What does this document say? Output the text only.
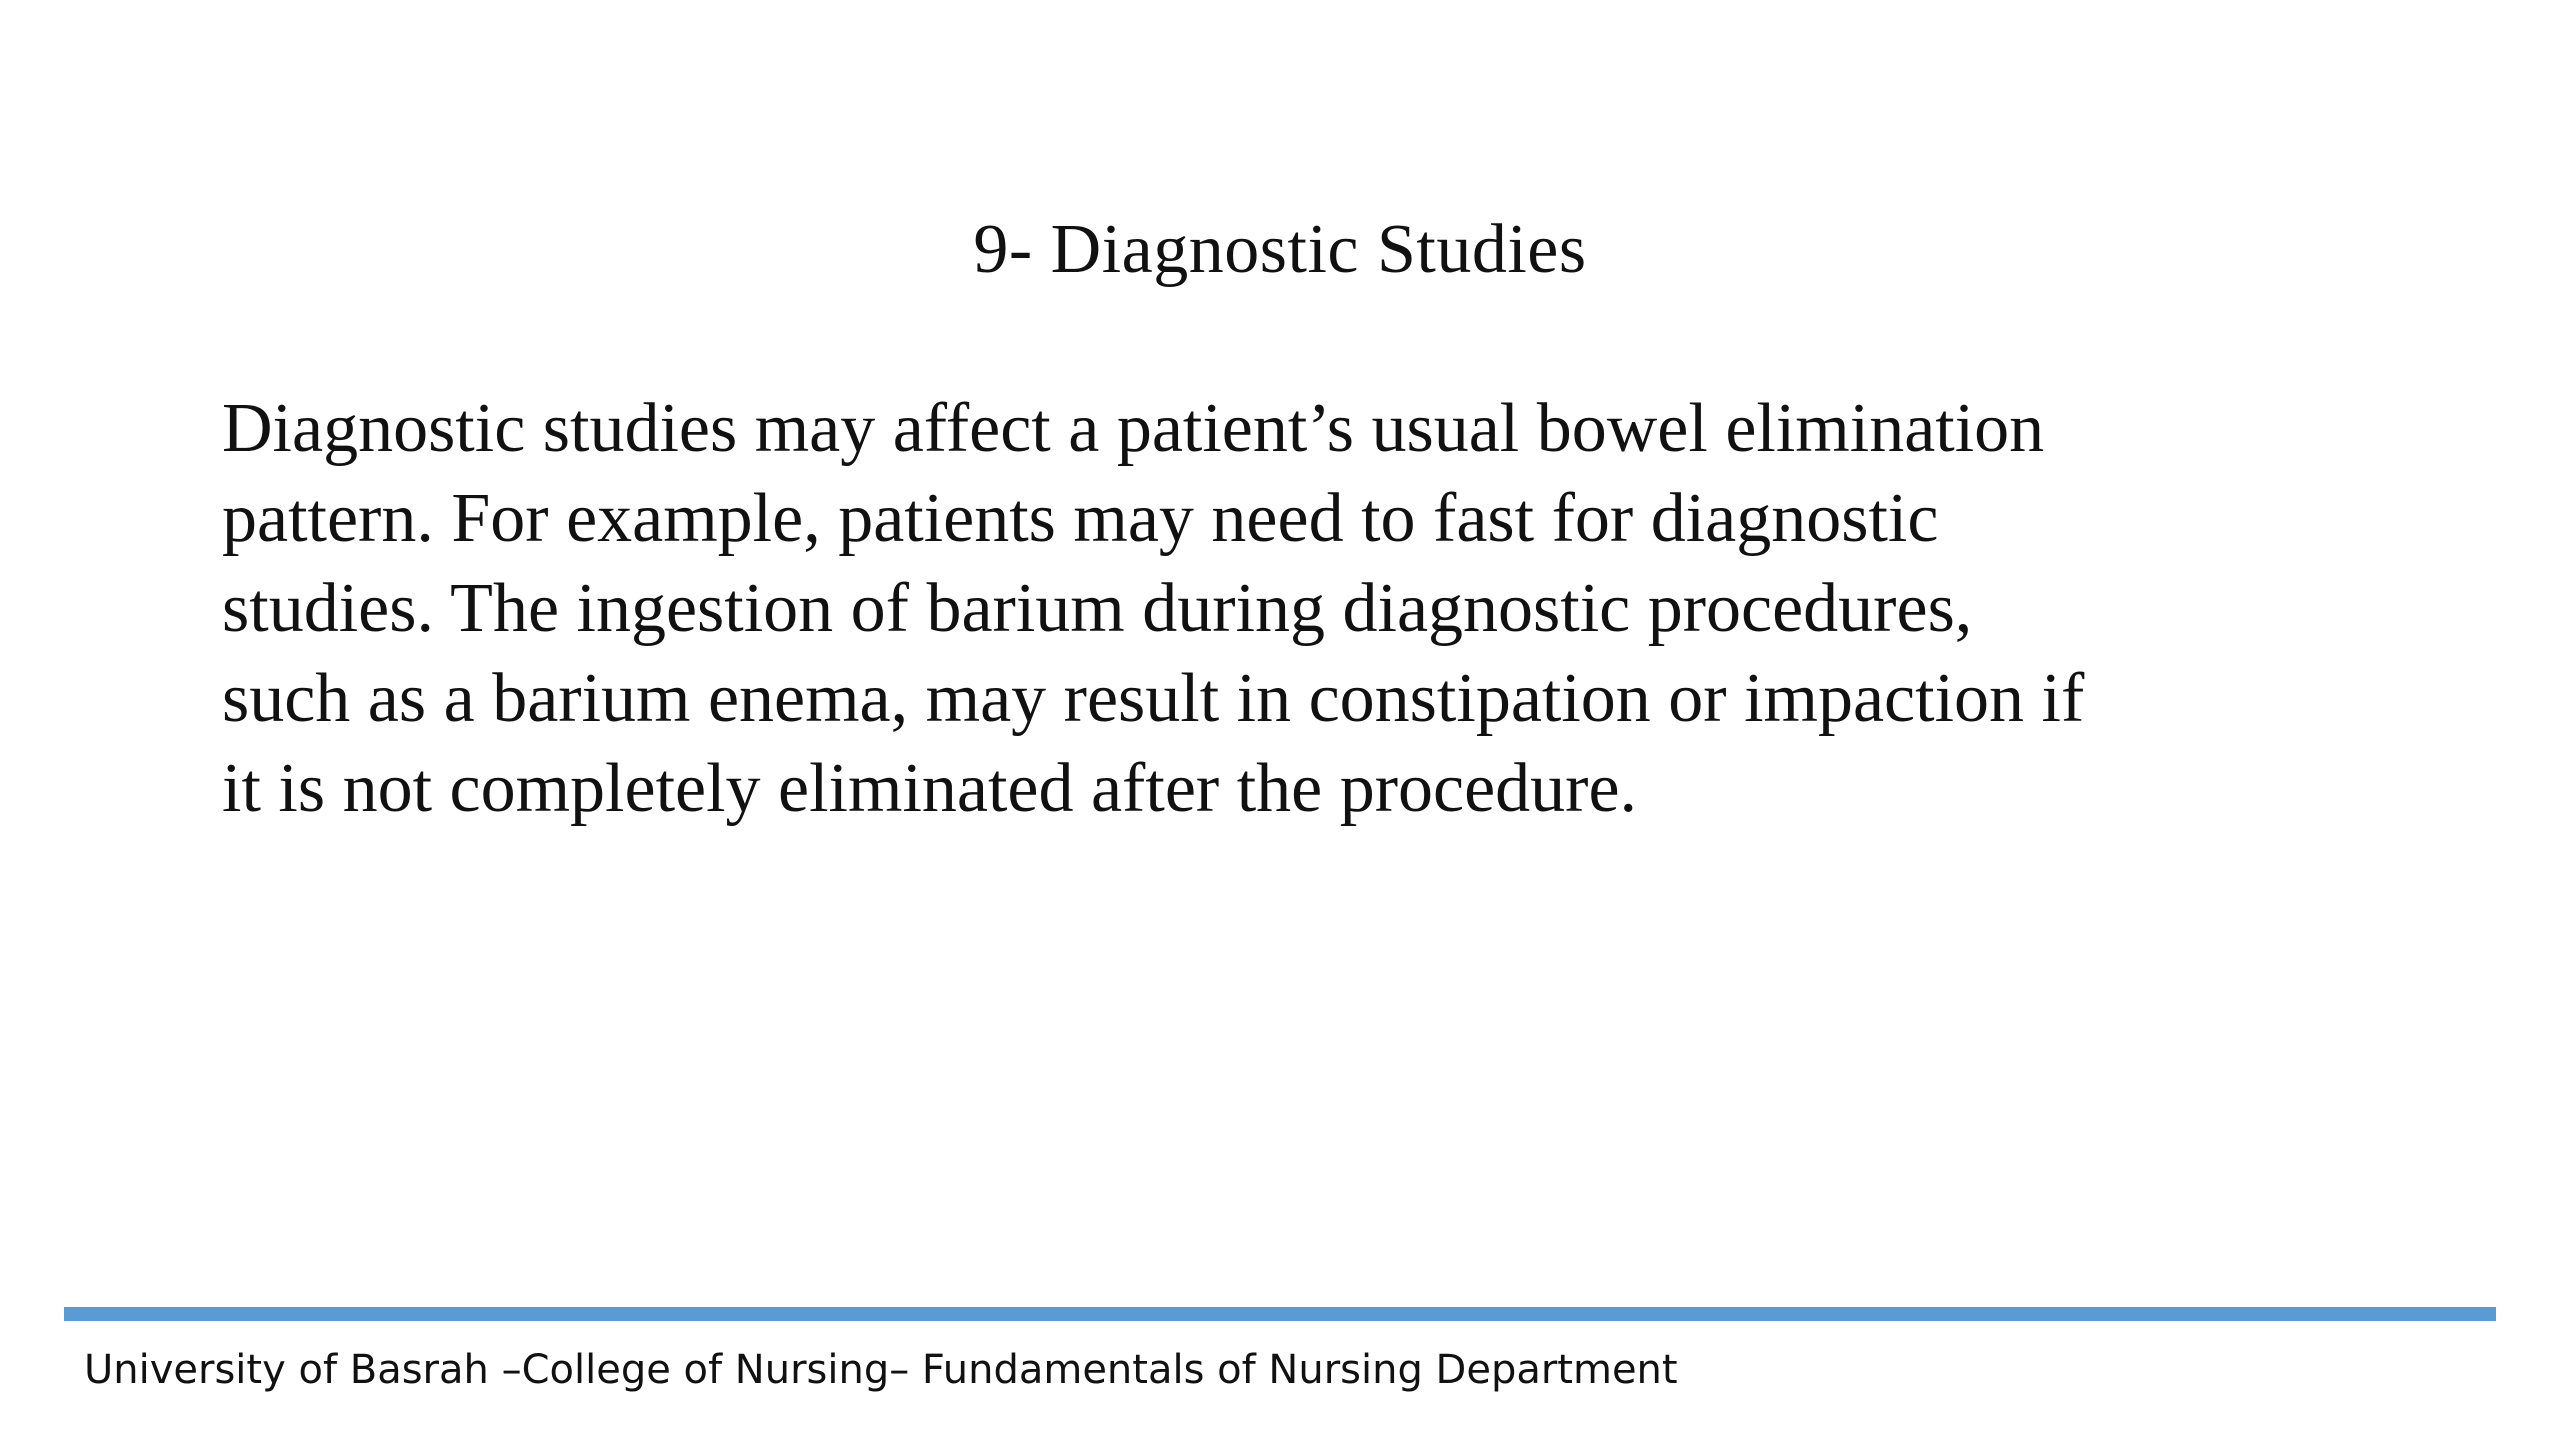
9- Diagnostic Studies
Diagnostic studies may affect a patient’s usual bowel elimination
pattern. For example, patients may need to fast for diagnostic
studies. The ingestion of barium during diagnostic procedures,
such as a barium enema, may result in constipation or impaction if
it is not completely eliminated after the procedure.
University of Basrah –College of Nursing– Fundamentals of Nursing Department
